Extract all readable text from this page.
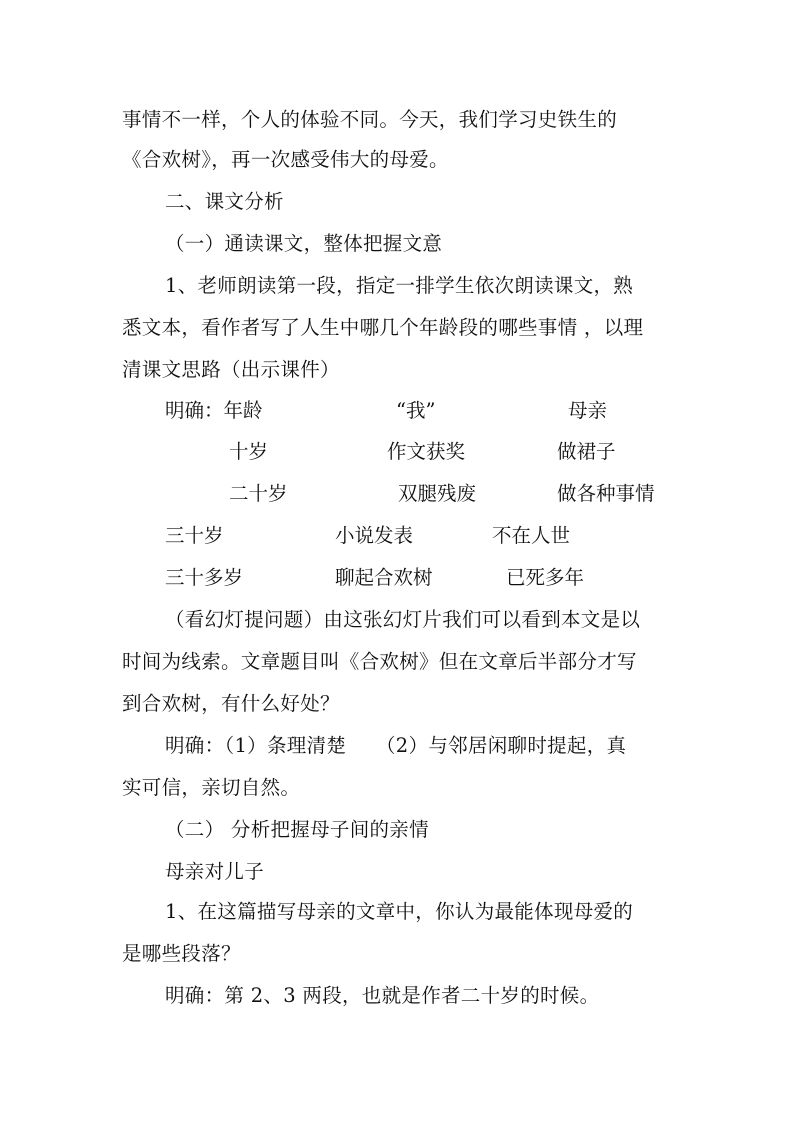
事情不一样，个人的体验不同。今天，我们学习史铁生的
《合欢树》，再一次感受伟大的母爱。
二、课文分析
（一）通读课文，整体把握文意
1、老师朗读第一段，指定一排学生依次朗读课文，熟
悉文本，看作者写了人生中哪几个年龄段的哪些事情 ，以理
清课文思路（出示课件）
明确：年龄	“我”	母亲
十岁	作文获奖	做裙子
二十岁	双腿残废	做各种事情
三十岁	小说发表	不在人世
三十多岁	聊起合欢树	已死多年
（看幻灯提问题）由这张幻灯片我们可以看到本文是以
时间为线索。文章题目叫《合欢树》但在文章后半部分才写
到合欢树，有什么好处？
明确：（1）条理清楚　　（2）与邻居闲聊时提起，真
实可信，亲切自然。
（二） 分析把握母子间的亲情
母亲对儿子
1、在这篇描写母亲的文章中，你认为最能体现母爱的
是哪些段落？
明确：第 2、3 两段，也就是作者二十岁的时候。
